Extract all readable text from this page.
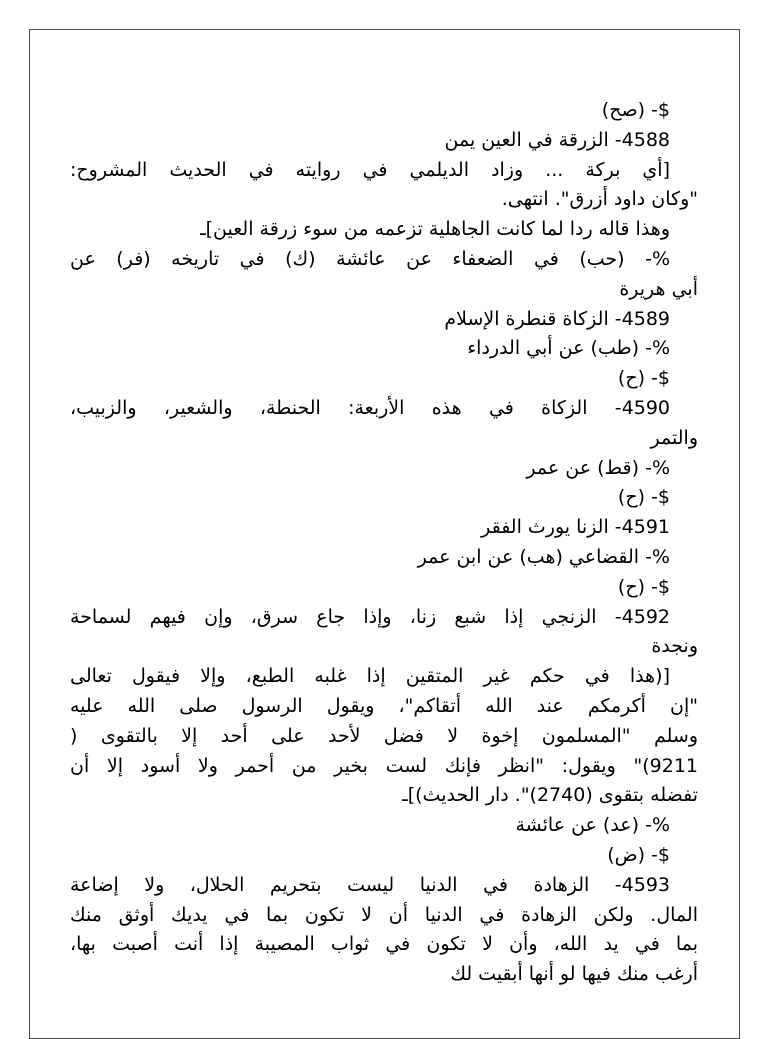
$- (صح)
4588- الزرقة في العين يمن
[أي بركة ... وزاد الديلمي في روايته في الحديث المشروح:
"وكان داود أزرق". انتهى.
وهذا قاله ردا لما كانت الجاهلية تزعمه من سوء زرقة العين]ـ
%- (حب) في الضعفاء عن عائشة (ك) في تاريخه (فر) عن
أبي هريرة
4589- الزكاة قنطرة الإسلام
%- (طب) عن أبي الدرداء
$- (ح)
4590- الزكاة في هذه الأربعة: الحنطة، والشعير، والزبيب،
والتمر
%- (قط) عن عمر
$- (ح)
4591- الزنا يورث الفقر
%- القضاعي (هب) عن ابن عمر
$- (ح)
4592- الزنجي إذا شبع زنا، وإذا جاع سرق، وإن فيهم لسماحة
ونجدة
[(هذا في حكم غير المتقين إذا غلبه الطبع، وإلا فيقول تعالى
"إن أكرمكم عند الله أتقاكم"، ويقول الرسول صلى الله عليه
وسلم "المسلمون إخوة لا فضل لأحد على أحد إلا بالتقوى (
9211)" ويقول: "انظر فإنك لست بخير من أحمر ولا أسود إلا أن
تفضله بتقوى (2740)". دار الحديث)]ـ
%- (عد) عن عائشة
$- (ض)
4593- الزهادة في الدنيا ليست بتحريم الحلال، ولا إضاعة
المال. ولكن الزهادة في الدنيا أن لا تكون بما في يديك أوثق منك
بما في يد الله، وأن لا تكون في ثواب المصيبة إذا أنت أصبت بها،
أرغب منك فيها لو أنها أبقيت لك
